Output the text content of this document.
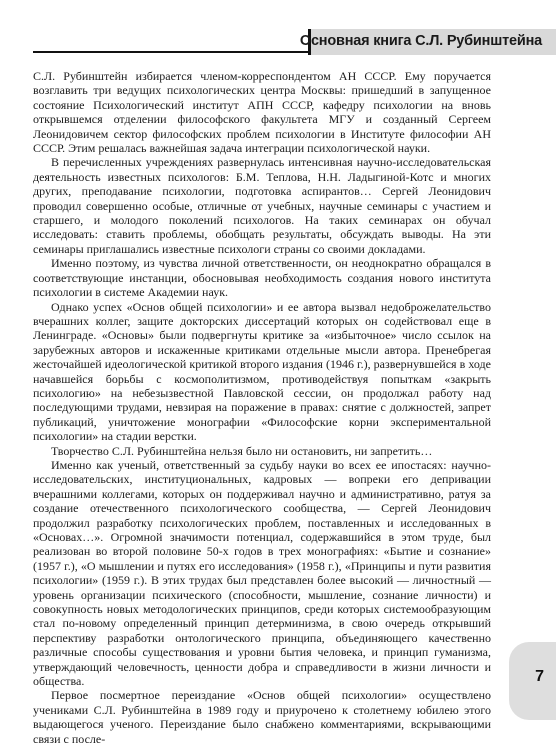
Основная книга С.Л. Рубинштейна

С.Л. Рубинштейн избирается членом-корреспондентом АН СССР. Ему поручается возглавить три ведущих психологических центра Москвы: пришедший в запущенное состояние Психологический институт АПН СССР, кафедру психологии на вновь открывшемся отделении философского факультета МГУ и созданный Сергеем Леонидовичем сектор философских проблем психологии в Институте философии АН СССР. Этим решалась важнейшая задача интеграции психологической науки.

В перечисленных учреждениях развернулась интенсивная научно-исследовательская деятельность известных психологов: Б.М. Теплова, Н.Н. Ладыгиной-Котс и многих других, преподавание психологии, подготовка аспирантов… Сергей Леонидович проводил совершенно особые, отличные от учебных, научные семинары с участием и старшего, и молодого поколений психологов. На таких семинарах он обучал исследовать: ставить проблемы, обобщать результаты, обсуждать выводы. На эти семинары приглашались известные психологи страны со своими докладами.

Именно поэтому, из чувства личной ответственности, он неоднократно обращался в соответствующие инстанции, обосновывая необходимость создания нового института психологии в системе Академии наук.

Однако успех «Основ общей психологии» и ее автора вызвал недоброжелательство вчерашних коллег, защите докторских диссертаций которых он содействовал еще в Ленинграде. «Основы» были подвергнуты критике за «избыточное» число ссылок на зарубежных авторов и искаженные критиками отдельные мысли автора. Пренебрегая жесточайшей идеологической критикой второго издания (1946 г.), развернувшейся в ходе начавшейся борьбы с космополитизмом, противодействуя попыткам «закрыть психологию» на небезызвестной Павловской сессии, он продолжал работу над последующими трудами, невзирая на поражение в правах: снятие с должностей, запрет публикаций, уничтожение монографии «Философские корни экспериментальной психологии» на стадии верстки.

Творчество С.Л. Рубинштейна нельзя было ни остановить, ни запретить…

Именно как ученый, ответственный за судьбу науки во всех ее ипостасях: научно-исследовательских, институциональных, кадровых — вопреки его депривации вчерашними коллегами, которых он поддерживал научно и административно, ратуя за создание отечественного психологического сообщества, — Сергей Леонидович продолжил разработку психологических проблем, поставленных и исследованных в «Основах…». Огромной значимости потенциал, содержавшийся в этом труде, был реализован во второй половине 50-х годов в трех монографиях: «Бытие и сознание» (1957 г.), «О мышлении и путях его исследования» (1958 г.), «Принципы и пути развития психологии» (1959 г.). В этих трудах был представлен более высокий — личностный — уровень организации психического (способности, мышление, сознание личности) и совокупность новых методологических принципов, среди которых системообразующим стал по-новому определенный принцип детерминизма, в свою очередь открывший перспективу разработки онтологического принципа, объединяющего качественно различные способы существования и уровни бытия человека, и принцип гуманизма, утверждающий человечность, ценности добра и справедливости в жизни личности и общества.

Первое посмертное переиздание «Основ общей психологии» осуществлено учениками С.Л. Рубинштейна в 1989 году и приурочено к столетнему юбилею этого выдающегося ученого. Переиздание было снабжено комментариями, вскрывающими связи с после-

7
